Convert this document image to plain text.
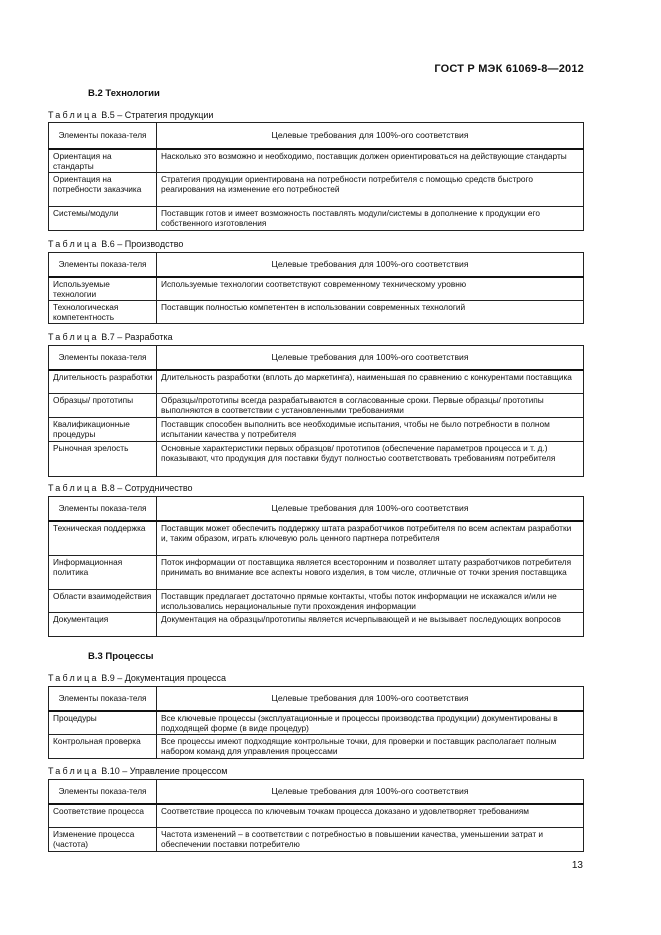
ГОСТ Р МЭК 61069-8—2012
В.2 Технологии
Таблица В.5 – Стратегия продукции
Элементы показа-теля	Целевые требования для 100%-ого соответствия
Ориентация на стандарты	Насколько это возможно и необходимо, поставщик должен ориентироваться на действующие стандарты
Ориентация на потребности заказчика	Стратегия продукции ориентирована на потребности потребителя с помощью средств быстрого реагирования на изменение его потребностей
Системы/модули	Поставщик готов и имеет возможность поставлять модули/системы в дополнение к продукции его собственного изготовления
Таблица В.6 – Производство
Элементы показа-теля	Целевые требования для 100%-ого соответствия
Используемые технологии	Используемые технологии соответствуют современному техническому уровню
Технологическая компетентность	Поставщик полностью компетентен в использовании современных технологий
Таблица В.7 – Разработка
Элементы показа-теля	Целевые требования для 100%-ого соответствия
Длительность разработки	Длительность разработки (вплоть до маркетинга), наименьшая по сравнению с конкурентами поставщика
Образцы/ прототипы	Образцы/прототипы всегда разрабатываются в согласованные сроки. Первые образцы/ прототипы выполняются в соответствии с установленными требованиями
Квалификационные процедуры	Поставщик способен выполнить все необходимые испытания, чтобы не было потребности в полном испытании качества у потребителя
Рыночная зрелость	Основные характеристики первых образцов/ прототипов (обеспечение параметров процесса и т. д.) показывают, что продукция для поставки будут полностью соответствовать требованиям потребителя
Таблица В.8 – Сотрудничество
Элементы показа-теля	Целевые требования для 100%-ого соответствия
Техническая поддержка	Поставщик может обеспечить поддержку штата разработчиков потребителя по всем аспектам разработки и, таким образом, играть ключевую роль ценного партнера потребителя
Информационная политика	Поток информации от поставщика является всесторонним и позволяет штату разработчиков потребителя принимать во внимание все аспекты нового изделия, в том числе, отличные от точки зрения поставщика
Области взаимодействия	Поставщик предлагает достаточно прямые контакты, чтобы поток информации не искажался и/или не использовались нерациональные пути прохождения информации
Документация	Документация на образцы/прототипы является исчерпывающей и не вызывает последующих вопросов
В.3 Процессы
Таблица В.9 – Документация процесса
Элементы показа-теля	Целевые требования для 100%-ого соответствия
Процедуры	Все ключевые процессы (эксплуатационные и процессы производства продукции) документированы в подходящей форме (в виде процедур)
Контрольная проверка	Все процессы имеют подходящие контрольные точки, для проверки и поставщик располагает полным набором команд для управления процессами
Таблица В.10 – Управление процессом
Элементы показа-теля	Целевые требования для 100%-ого соответствия
Соответствие процесса	Соответствие процесса по ключевым точкам процесса доказано и удовлетворяет требованиям
Изменение процесса (частота)	Частота изменений – в соответствии с потребностью в повышении качества, уменьшении затрат и обеспечении поставки потребителю
13
